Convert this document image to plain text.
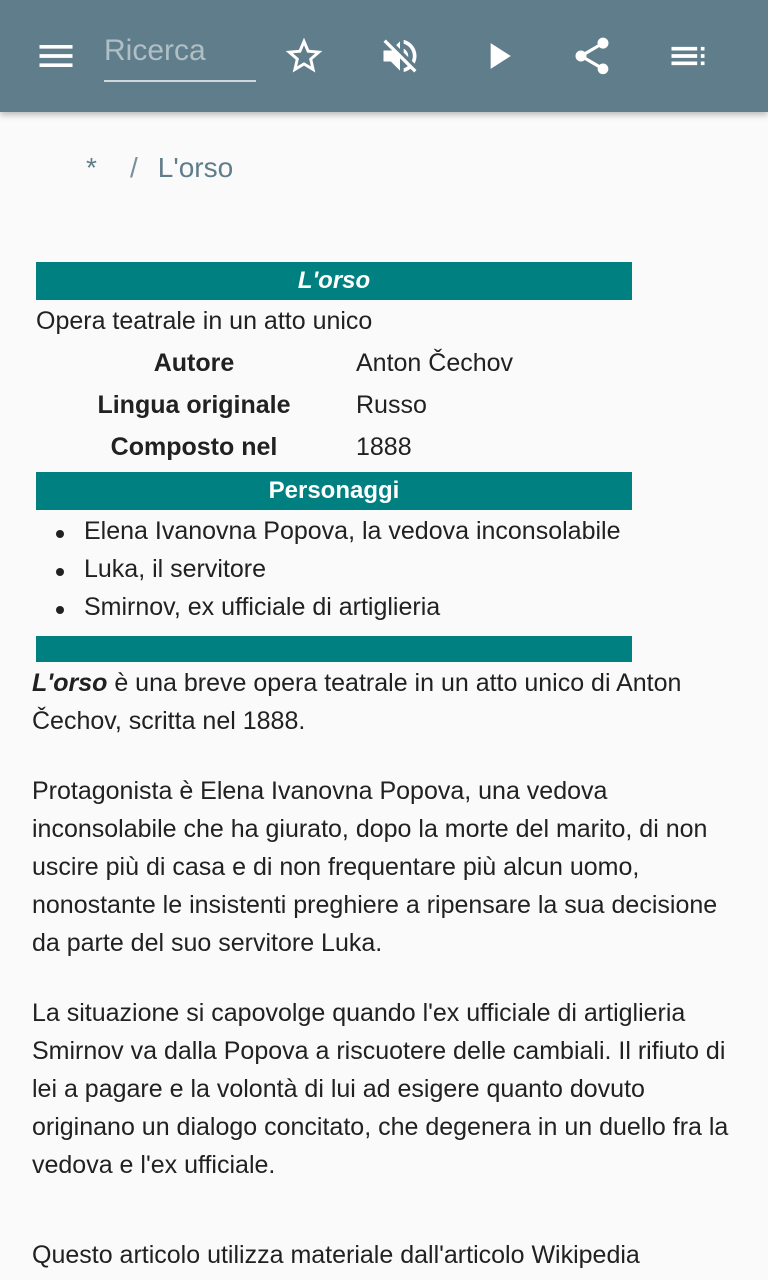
Ricerca
* / L'orso
L'orso
Opera teatrale in un atto unico
Autore	Anton Čechov
Lingua originale	Russo
Composto nel	1888
Personaggi
Elena Ivanovna Popova, la vedova inconsolabile
Luka, il servitore
Smirnov, ex ufficiale di artiglieria

L'orso è una breve opera teatrale in un atto unico di Anton Čechov, scritta nel 1888.

Protagonista è Elena Ivanovna Popova, una vedova inconsolabile che ha giurato, dopo la morte del marito, di non uscire più di casa e di non frequentare più alcun uomo, nonostante le insistenti preghiere a ripensare la sua decisione da parte del suo servitore Luka.

La situazione si capovolge quando l'ex ufficiale di artiglieria Smirnov va dalla Popova a riscuotere delle cambiali. Il rifiuto di lei a pagare e la volontà di lui ad esigere quanto dovuto originano un dialogo concitato, che degenera in un duello fra la vedova e l'ex ufficiale.

Questo articolo utilizza materiale dall'articolo Wikipedia
